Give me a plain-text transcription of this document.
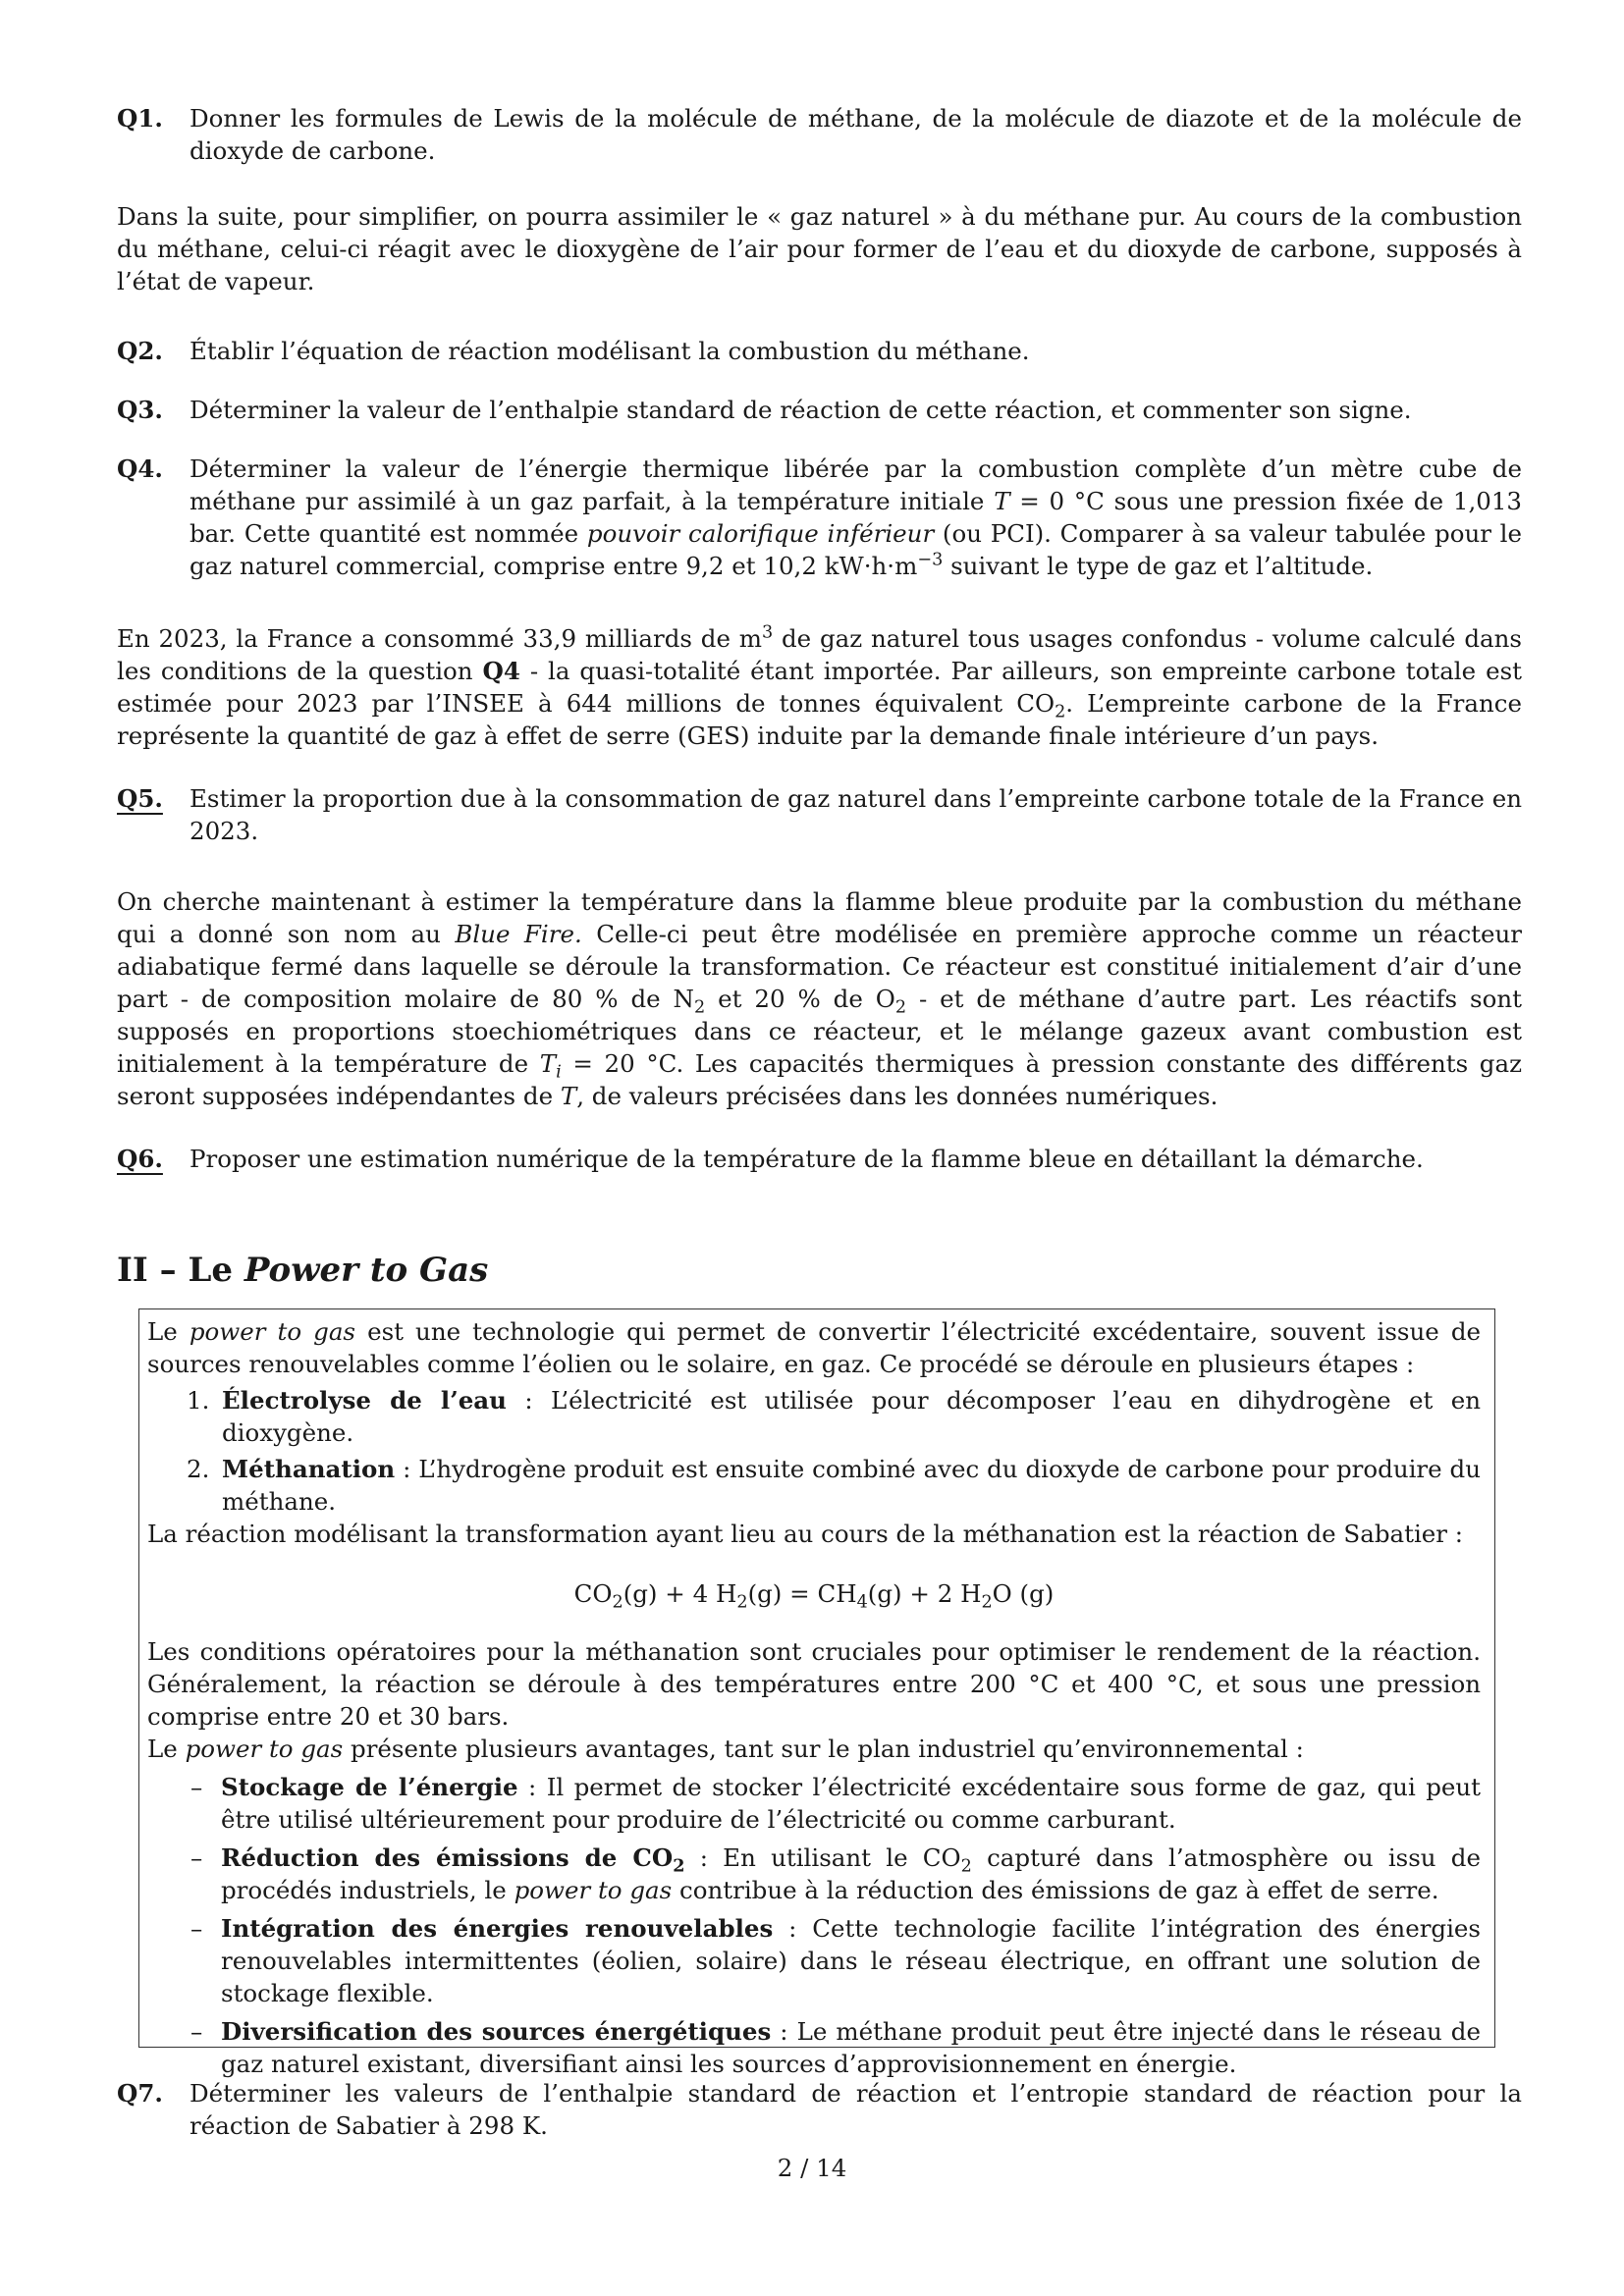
Q1.	Donner les formules de Lewis de la molécule de méthane, de la molécule de diazote et de la molécule de dioxyde de carbone.

Dans la suite, pour simplifier, on pourra assimiler le « gaz naturel » à du méthane pur. Au cours de la combustion du méthane, celui-ci réagit avec le dioxygène de l’air pour former de l’eau et du dioxyde de carbone, supposés à l’état de vapeur.

Q2.	Établir l’équation de réaction modélisant la combustion du méthane.
Q3.	Déterminer la valeur de l’enthalpie standard de réaction de cette réaction, et commenter son signe.
Q4.	Déterminer la valeur de l’énergie thermique libérée par la combustion complète d’un mètre cube de méthane pur assimilé à un gaz parfait, à la température initiale T = 0 °C sous une pression fixée de 1,013 bar. Cette quantité est nommée pouvoir calorifique inférieur (ou PCI). Comparer à sa valeur tabulée pour le gaz naturel commercial, comprise entre 9,2 et 10,2 $kW\cdot h\cdot m^{-3}$ suivant le type de gaz et l’altitude.

En 2023, la France a consommé 33,9 milliards de $m^3$ de gaz naturel tous usages confondus - volume calculé dans les conditions de la question Q4 - la quasi-totalité étant importée. Par ailleurs, son empreinte carbone totale est estimée pour 2023 par l’INSEE à 644 millions de tonnes équivalent $CO_2$. L’empreinte carbone de la France représente la quantité de gaz à effet de serre (GES) induite par la demande finale intérieure d’un pays.

Q5.	Estimer la proportion due à la consommation de gaz naturel dans l’empreinte carbone totale de la France en 2023.

On cherche maintenant à estimer la température dans la flamme bleue produite par la combustion du méthane qui a donné son nom au Blue Fire. Celle-ci peut être modélisée en première approche comme un réacteur adiabatique fermé dans laquelle se déroule la transformation. Ce réacteur est constitué initialement d’air d’une part - de composition molaire de 80 % de $N_2$ et 20 % de $O_2$ - et de méthane d’autre part. Les réactifs sont supposés en proportions stoechiométriques dans ce réacteur, et le mélange gazeux avant combustion est initialement à la température de $T_i = 20$ °C. Les capacités thermiques à pression constante des différents gaz seront supposées indépendantes de T, de valeurs précisées dans les données numériques.

Q6.	Proposer une estimation numérique de la température de la flamme bleue en détaillant la démarche.
II – Le Power to Gas

Le power to gas est une technologie qui permet de convertir l’électricité excédentaire, souvent issue de sources renouvelables comme l’éolien ou le solaire, en gaz. Ce procédé se déroule en plusieurs étapes :

1. Électrolyse de l’eau : L’électricité est utilisée pour décomposer l’eau en dihydrogène et en dioxygène.
2. Méthanation : L’hydrogène produit est ensuite combiné avec du dioxyde de carbone pour produire du méthane.

La réaction modélisant la transformation ayant lieu au cours de la méthanation est la réaction de Sabatier :

$CO_2(g) + 4$ $H_2(g) = CH_4(g) + 2$ $H_2O$ (g)

Les conditions opératoires pour la méthanation sont cruciales pour optimiser le rendement de la réaction. Généralement, la réaction se déroule à des températures entre 200 °C et 400 °C, et sous une pression comprise entre 20 et 30 bars.

Le power to gas présente plusieurs avantages, tant sur le plan industriel qu’environnemental :

– Stockage de l’énergie : Il permet de stocker l’électricité excédentaire sous forme de gaz, qui peut être utilisé ultérieurement pour produire de l’électricité ou comme carburant.
– Réduction des émissions de $CO_2$ : En utilisant le $CO_2$ capturé dans l’atmosphère ou issu de procédés industriels, le power to gas contribue à la réduction des émissions de gaz à effet de serre.
– Intégration des énergies renouvelables : Cette technologie facilite l’intégration des énergies renouvelables intermittentes (éolien, solaire) dans le réseau électrique, en offrant une solution de stockage flexible.
– Diversification des sources énergétiques : Le méthane produit peut être injecté dans le réseau de gaz naturel existant, diversifiant ainsi les sources d’approvisionnement en énergie.
Q7.	Déterminer les valeurs de l’enthalpie standard de réaction et l’entropie standard de réaction pour la réaction de Sabatier à 298 K.

2 / 14
